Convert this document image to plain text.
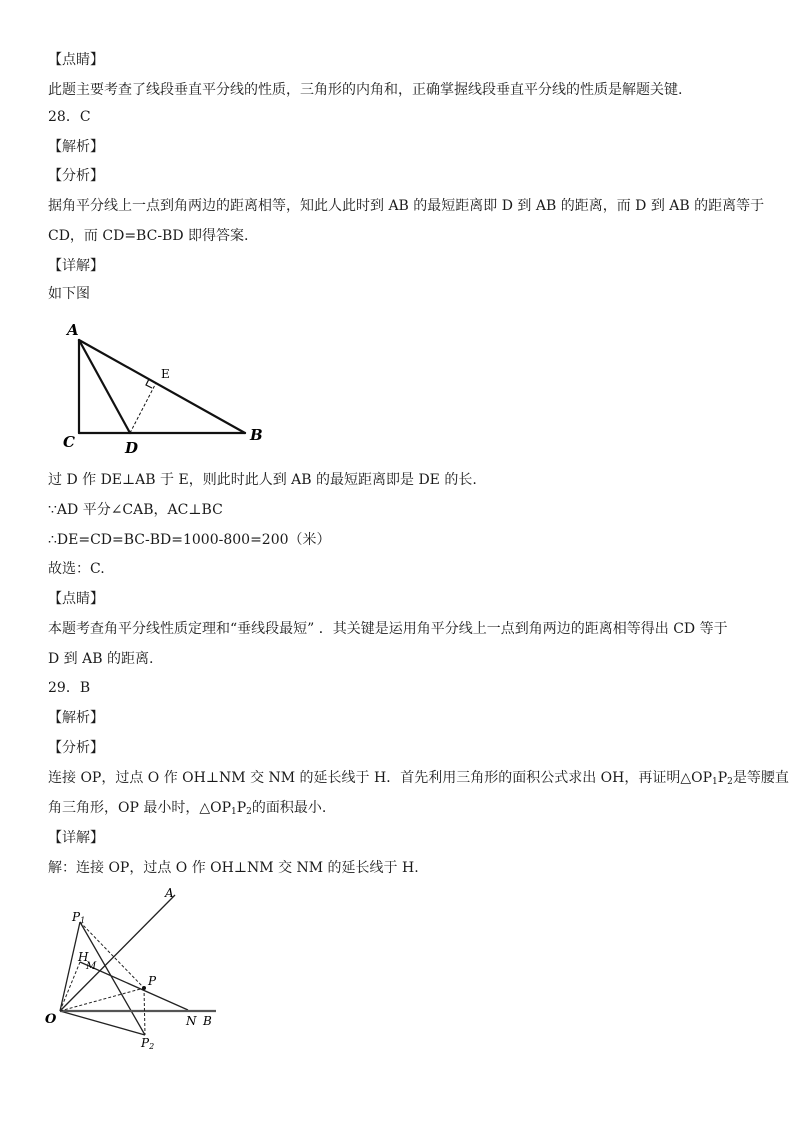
【点睛】
此题主要考查了线段垂直平分线的性质，三角形的内角和，正确掌握线段垂直平分线的性质是解题关键.
28．C
【解析】
【分析】
据角平分线上一点到角两边的距离相等，知此人此时到 AB 的最短距离即 D 到 AB 的距离，而 D 到 AB 的距离等于
CD，而 CD=BC-BD 即得答案.
【详解】
如下图
A
C	D
B
E
过 D 作 DE⊥AB 于 E，则此时此人到 AB 的最短距离即是 DE 的长.
∵AD 平分∠CAB，AC⊥BC
∴DE=CD=BC-BD=1000-800=200（米）
故选：C.
【点睛】
本题考查角平分线性质定理和“垂线段最短” ．其关键是运用角平分线上一点到角两边的距离相等得出 CD 等于
D 到 AB 的距离.
29．B
【解析】
【分析】
连接 OP，过点 O 作 OH⊥NM 交 NM 的延长线于 H．首先利用三角形的面积公式求出 OH，再证明$\triangle OP_1P_2$是等腰直
角三角形，OP 最小时，$\triangle OP_1P_2$的面积最小.
【详解】
解：连接 OP，过点 O 作 OH⊥NM 交 NM 的延长线于 H.
A
P1
H
M
P
O	N B
P2
